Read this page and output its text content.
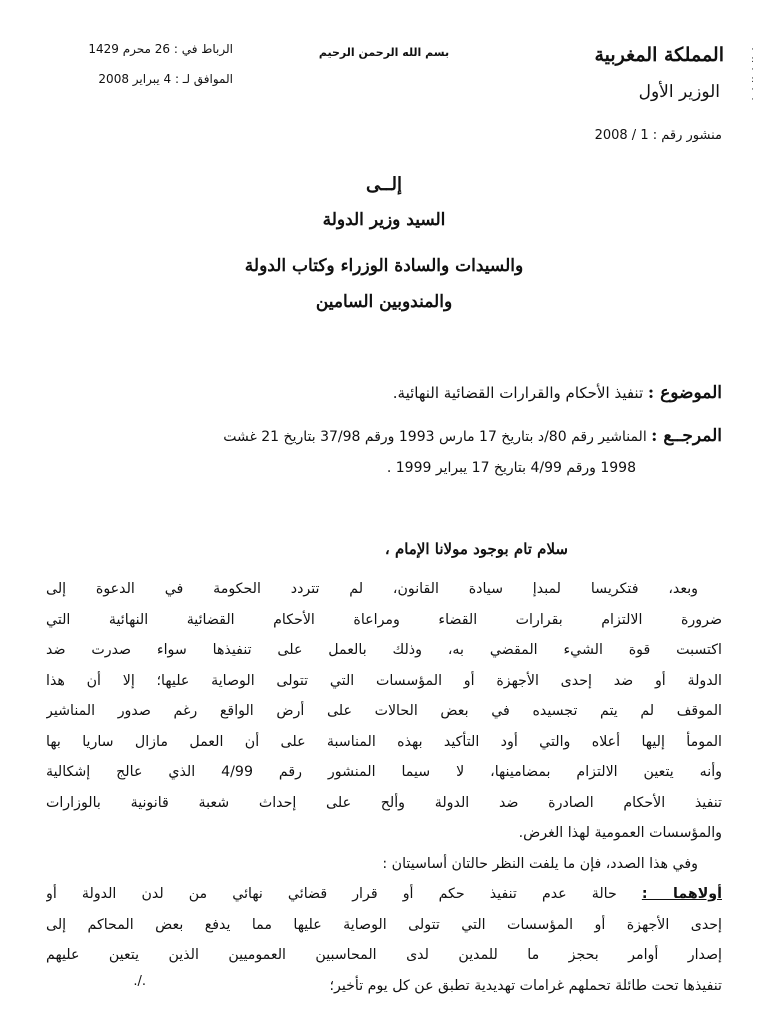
المملكة المغربية
الوزير الأول
·
:
·
:
·
·
بسم الله الرحمن الرحيم
الرباط في : 26 محرم 1429
الموافق لـ : 4 يبراير 2008
منشور رقم : 2008 / 1
إلــى
السيد وزير الدولة
والسيدات والسادة الوزراء وكتاب الدولة
والمندوبين السامين
الموضوع : تنفيذ الأحكام والقرارات القضائية النهائية.
المرجــع : المناشير رقم 80/د بتاريخ 17 مارس 1993 ورقم 37/98 بتاريخ 21 غشت
1998 ورقم 4/99 بتاريخ 17 يبراير 1999 .
سلام تام بوجود مولانا الإمام ،
وبعد، فتكريسا لمبدإ سيادة القانون، لم تتردد الحكومة في الدعوة إلى
ضرورة الالتزام بقرارات القضاء ومراعاة الأحكام القضائية النهائية التي
اكتسبت قوة الشيء المقضي به، وذلك بالعمل على تنفيذها سواء صدرت ضد
الدولة أو ضد إحدى الأجهزة أو المؤسسات التي تتولى الوصاية عليها؛ إلا أن هذا
الموقف لم يتم تجسيده في بعض الحالات على أرض الواقع رغم صدور المناشير
المومأ إليها أعلاه والتي أود التأكيد بهذه المناسبة على أن العمل مازال ساريا بها
وأنه يتعين الالتزام بمضامينها، لا سيما المنشور رقم 4/99 الذي عالج إشكالية
تنفيذ الأحكام الصادرة ضد الدولة وألح على إحداث شعبة قانونية بالوزارات
والمؤسسات العمومية لهذا الغرض.
وفي هذا الصدد، فإن ما يلفت النظر حالتان أساسيتان :
أولاهما : حالة عدم تنفيذ حكم أو قرار قضائي نهائي من لدن الدولة أو
إحدى الأجهزة أو المؤسسات التي تتولى الوصاية عليها مما يدفع بعض المحاكم إلى
إصدار أوامر بحجز ما للمدين لدى المحاسبين العموميين الذين يتعين عليهم
تنفيذها تحت طائلة تحملهم غرامات تهديدية تطبق عن كل يوم تأخير؛
./.
